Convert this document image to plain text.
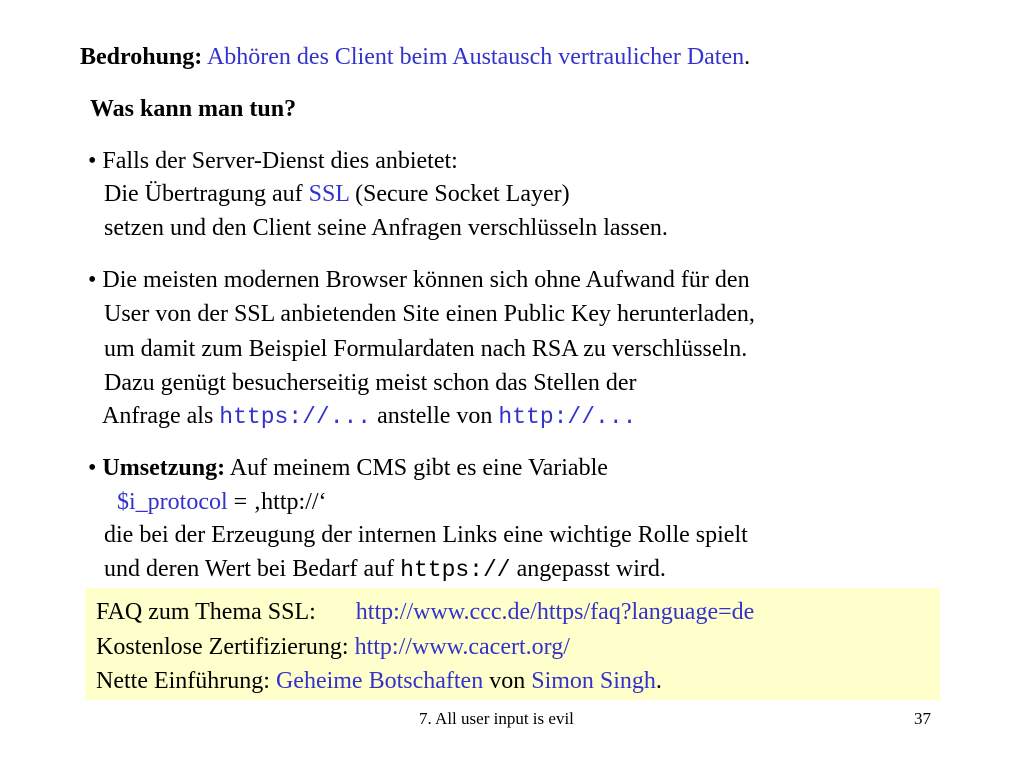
Bedrohung: Abhören des Client beim Austausch vertraulicher Daten.
Was kann man tun?
• Falls der Server-Dienst dies anbietet:
Die Übertragung auf SSL (Secure Socket Layer)
setzen und den Client seine Anfragen verschlüsseln lassen.
• Die meisten modernen Browser können sich ohne Aufwand für den
User von der SSL anbietenden Site einen Public Key herunterladen,
um damit zum Beispiel Formulardaten nach RSA zu verschlüsseln.
Dazu genügt besucherseitig meist schon das Stellen der
Anfrage als https://... anstelle von http://...
• Umsetzung: Auf meinem CMS gibt es eine Variable
$i_protocol = ‚http://‘
die bei der Erzeugung der internen Links eine wichtige Rolle spielt
und deren Wert bei Bedarf auf https:// angepasst wird.
FAQ zum Thema SSL: http://www.ccc.de/https/faq?language=de
Kostenlose Zertifizierung: http://www.cacert.org/
Nette Einführung: Geheime Botschaften von Simon Singh.
7. All user input is evil	37
